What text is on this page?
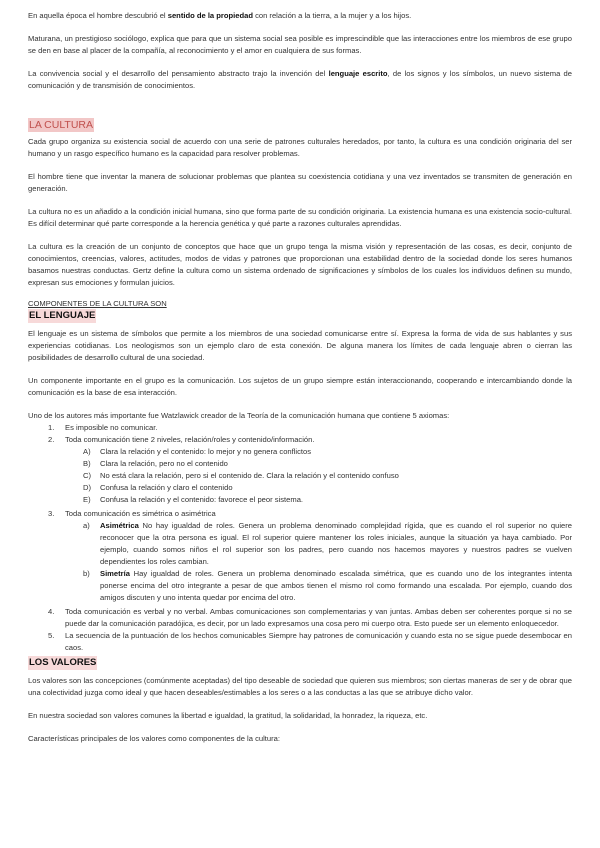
En aquella época el hombre descubrió el sentido de la propiedad con relación a la tierra, a la mujer y a los hijos.

Maturana, un prestigioso sociólogo, explica que para que un sistema social sea posible es imprescindible que las interacciones entre los miembros de ese grupo se den en base al placer de la compañía, al reconocimiento y el amor en cualquiera de sus formas.

La convivencia social y el desarrollo del pensamiento abstracto trajo la invención del lenguaje escrito, de los signos y los símbolos, un nuevo sistema de comunicación y de transmisión de conocimientos.

LA CULTURA

Cada grupo organiza su existencia social de acuerdo con una serie de patrones culturales heredados, por tanto, la cultura es una condición originaria del ser humano y un rasgo específico humano es la capacidad para resolver problemas.

El hombre tiene que inventar la manera de solucionar problemas que plantea su coexistencia cotidiana y una vez inventados se transmiten de generación en generación.

La cultura no es un añadido a la condición inicial humana, sino que forma parte de su condición originaria. La existencia humana es una existencia socio-cultural. Es difícil determinar qué parte corresponde a la herencia genética y qué parte a razones culturales aprendidas.

La cultura es la creación de un conjunto de conceptos que hace que un grupo tenga la misma visión y representación de las cosas, es decir, conjunto de conocimientos, creencias, valores, actitudes, modos de vidas y patrones que proporcionan una estabilidad dentro de la sociedad donde los seres humanos basamos nuestras conductas. Gertz define la cultura como un sistema ordenado de significaciones y símbolos de los cuales los individuos definen su mundo, expresan sus emociones y formulan juicios.

COMPONENTES DE LA CULTURA SON
EL LENGUAJE

El lenguaje es un sistema de símbolos que permite a los miembros de una sociedad comunicarse entre sí. Expresa la forma de vida de sus hablantes y sus experiencias cotidianas. Los neologismos son un ejemplo claro de esta conexión. De alguna manera los límites de cada lenguaje abren o cierran las posibilidades de desarrollo cultural de una sociedad.

Un componente importante en el grupo es la comunicación. Los sujetos de un grupo siempre están interaccionando, cooperando e intercambiando donde la comunicación es la base de esa interacción.

Uno de los autores más importante fue Watzlawick creador de la Teoría de la comunicación humana que contiene 5 axiomas:

1. Es imposible no comunicar.
2. Toda comunicación tiene 2 niveles, relación/roles y contenido/información.
A) Clara la relación y el contenido: lo mejor y no genera conflictos
B) Clara la relación, pero no el contenido
C) No está clara la relación, pero si el contenido de. Clara la relación y el contenido confuso
D) Confusa la relación y claro el contenido
E) Confusa la relación y el contenido: favorece el peor sistema.
3. Toda comunicación es simétrica o asimétrica
a) Asimétrica No hay igualdad de roles. Genera un problema denominado complejidad rígida, que es cuando el rol superior no quiere reconocer que la otra persona es igual. El rol superior quiere mantener los roles iniciales, aunque la situación ya haya cambiado. Por ejemplo, cuando somos niños el rol superior son los padres, pero cuando nos hacemos mayores y nuestros padres se vuelven dependientes los roles cambian.
b) Simetría Hay igualdad de roles. Genera un problema denominado escalada simétrica, que es cuando uno de los integrantes intenta ponerse encima del otro integrante a pesar de que ambos tienen el mismo rol como formando una escalada. Por ejemplo, cuando dos amigos discuten y uno intenta quedar por encima del otro.
4. Toda comunicación es verbal y no verbal. Ambas comunicaciones son complementarias y van juntas. Ambas deben ser coherentes porque si no se puede dar la comunicación paradójica, es decir, por un lado expresamos una cosa pero mi cuerpo otra. Esto puede ser un elemento enloquecedor.
5. La secuencia de la puntuación de los hechos comunicables Siempre hay patrones de comunicación y cuando esta no se sigue puede desembocar en caos.
LOS VALORES

Los valores son las concepciones (comúnmente aceptadas) del tipo deseable de sociedad que quieren sus miembros; son ciertas maneras de ser y de obrar que una colectividad juzga como ideal y que hacen deseables/estimables a los seres o a las conductas a las que se atribuye dicho valor.

En nuestra sociedad son valores comunes la libertad e igualdad, la gratitud, la solidaridad, la honradez, la riqueza, etc.

Características principales de los valores como componentes de la cultura:
